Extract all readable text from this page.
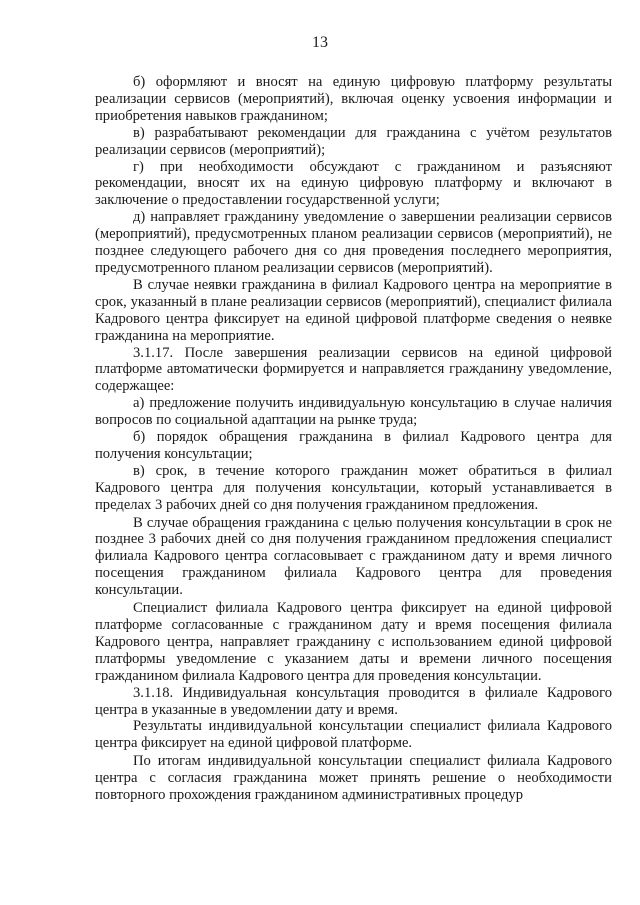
13

б) оформляют и вносят на единую цифровую платформу результаты реализации сервисов (мероприятий), включая оценку усвоения информации и приобретения навыков гражданином;

в) разрабатывают рекомендации для гражданина с учётом результатов реализации сервисов (мероприятий);

г) при необходимости обсуждают с гражданином и разъясняют рекомендации, вносят их на единую цифровую платформу и включают в заключение о предоставлении государственной услуги;

д) направляет гражданину уведомление о завершении реализации сервисов (мероприятий), предусмотренных планом реализации сервисов (мероприятий), не позднее следующего рабочего дня со дня проведения последнего мероприятия, предусмотренного планом реализации сервисов (мероприятий).

В случае неявки гражданина в филиал Кадрового центра на мероприятие в срок, указанный в плане реализации сервисов (мероприятий), специалист филиала Кадрового центра фиксирует на единой цифровой платформе сведения о неявке гражданина на мероприятие.

3.1.17. После завершения реализации сервисов на единой цифровой платформе автоматически формируется и направляется гражданину уведомление, содержащее:

а) предложение получить индивидуальную консультацию в случае наличия вопросов по социальной адаптации на рынке труда;

б) порядок обращения гражданина в филиал Кадрового центра для получения консультации;

в) срок, в течение которого гражданин может обратиться в филиал Кадрового центра для получения консультации, который устанавливается в пределах 3 рабочих дней со дня получения гражданином предложения.

В случае обращения гражданина с целью получения консультации в срок не позднее 3 рабочих дней со дня получения гражданином предложения специалист филиала Кадрового центра согласовывает с гражданином дату и время личного посещения гражданином филиала Кадрового центра для проведения консультации.

Специалист филиала Кадрового центра фиксирует на единой цифровой платформе согласованные с гражданином дату и время посещения филиала Кадрового центра, направляет гражданину с использованием единой цифровой платформы уведомление с указанием даты и времени личного посещения гражданином филиала Кадрового центра для проведения консультации.

3.1.18. Индивидуальная консультация проводится в филиале Кадрового центра в указанные в уведомлении дату и время.

Результаты индивидуальной консультации специалист филиала Кадрового центра фиксирует на единой цифровой платформе.

По итогам индивидуальной консультации специалист филиала Кадрового центра с согласия гражданина может принять решение о необходимости повторного прохождения гражданином административных процедур
